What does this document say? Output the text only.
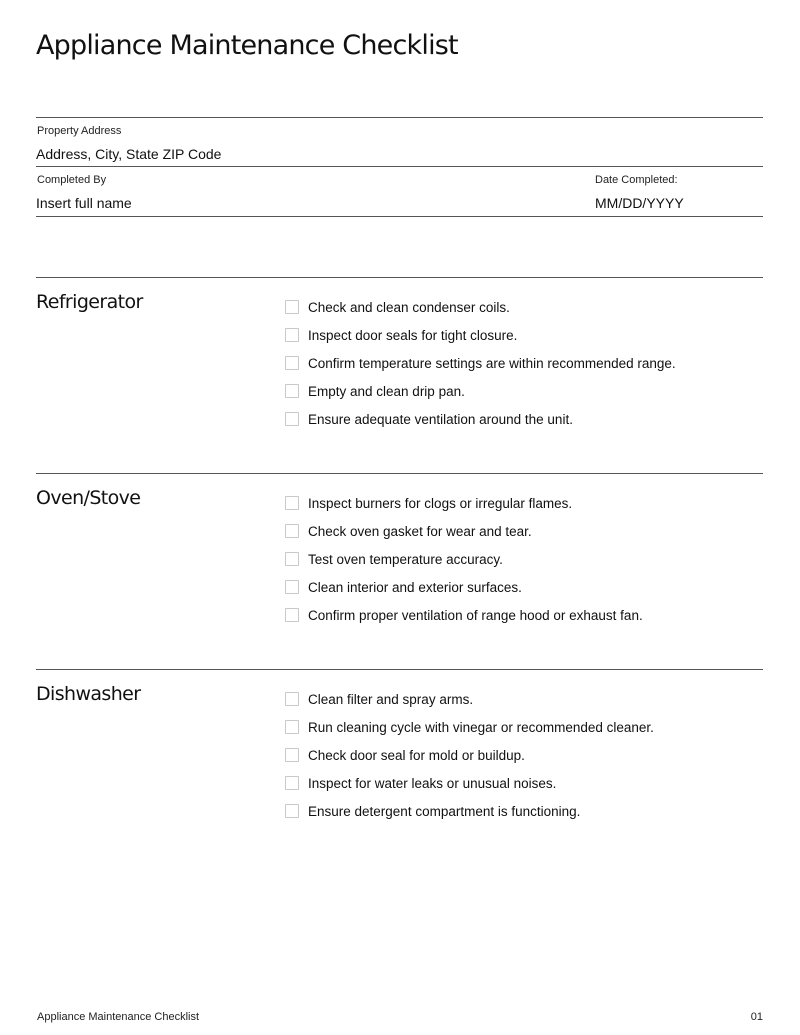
Appliance Maintenance Checklist
Property Address
Address, City, State ZIP Code
Completed By
Insert full name
Date Completed:
MM/DD/YYYY
Refrigerator	Check and clean condenser coils.
Inspect door seals for tight closure.
Confirm temperature settings are within recommended range.
Empty and clean drip pan.
Ensure adequate ventilation around the unit.
Oven/Stove	Inspect burners for clogs or irregular flames.
Check oven gasket for wear and tear.
Test oven temperature accuracy.
Clean interior and exterior surfaces.
Confirm proper ventilation of range hood or exhaust fan.
Dishwasher	Clean filter and spray arms.
Run cleaning cycle with vinegar or recommended cleaner.
Check door seal for mold or buildup.
Inspect for water leaks or unusual noises.
Ensure detergent compartment is functioning.
Appliance Maintenance Checklist	01
